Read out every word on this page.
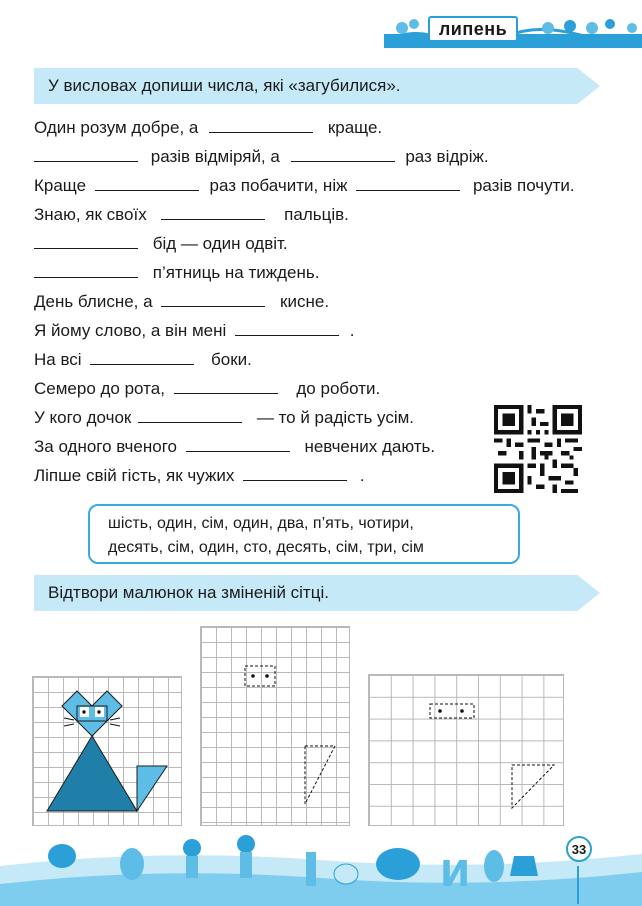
липень
У висловах допиши числа, які «загубилися».
Один розум добре, а	краще.
разів відміряй, а	раз відріж.
Краще	раз побачити, ніж	разів почути.
Знаю, як своїх	пальців.
бід — один одвіт.
п’ятниць на тиждень.
День блисне, а	кисне.
Я йому слово, а він мені	.
На всі	боки.
Семеро до рота,	до роботи.
У кого дочок	— то й радість усім.
За одного вченого	невчених дають.
Ліпше свій гість, як чужих	.
шість, один, сім, один, два, п’ять, чотири,
десять, сім, один, сто, десять, сім, три, сім
Відтвори малюнок на зміненій сітці.
И
33
